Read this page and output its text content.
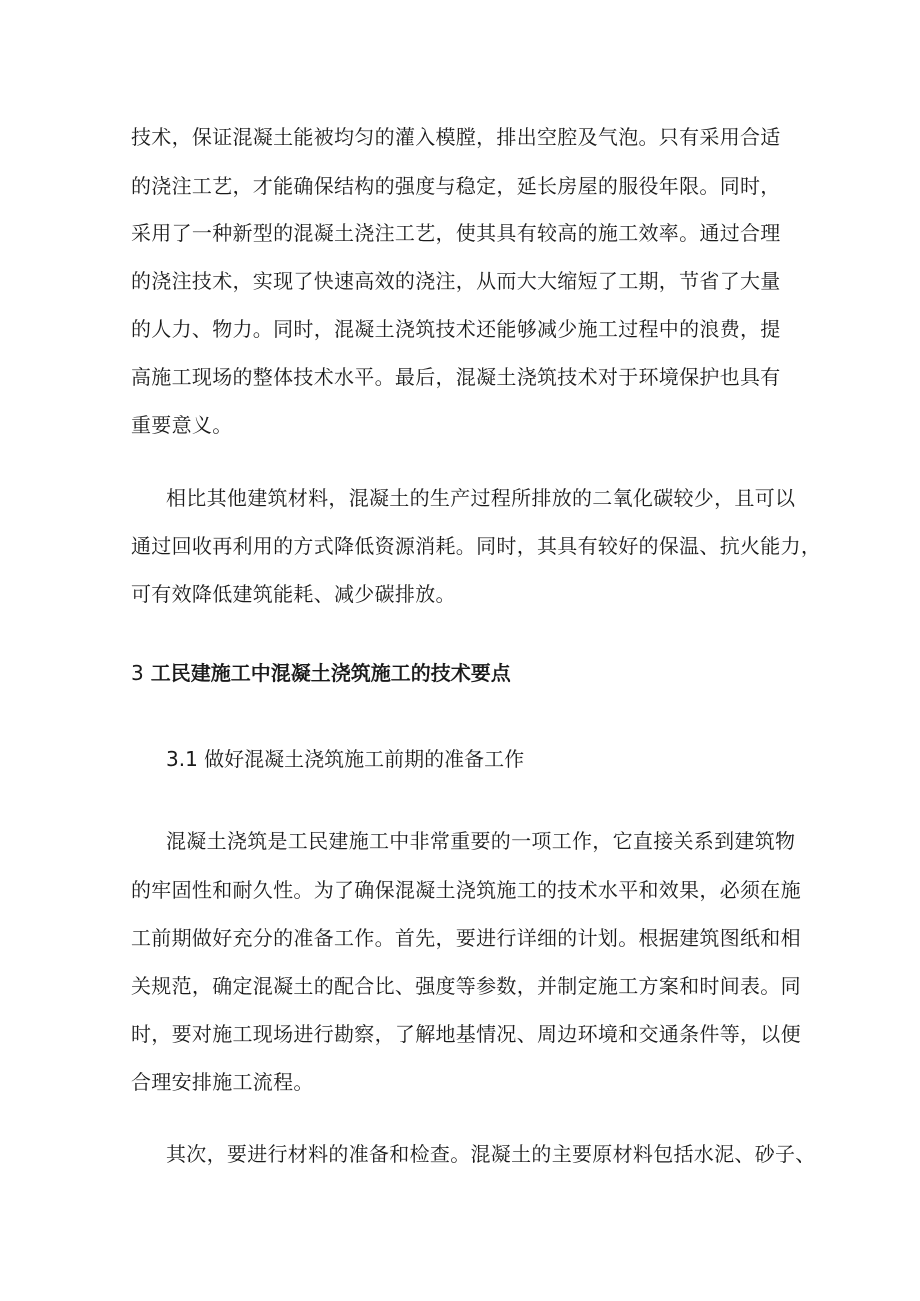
技术，保证混凝土能被均匀的灌入模膛，排出空腔及气泡。只有采用合适
的浇注工艺，才能确保结构的强度与稳定，延长房屋的服役年限。同时，
采用了一种新型的混凝土浇注工艺，使其具有较高的施工效率。通过合理
的浇注技术，实现了快速高效的浇注，从而大大缩短了工期，节省了大量
的人力、物力。同时，混凝土浇筑技术还能够减少施工过程中的浪费，提
高施工现场的整体技术水平。最后，混凝土浇筑技术对于环境保护也具有
重要意义。
相比其他建筑材料，混凝土的生产过程所排放的二氧化碳较少，且可以
通过回收再利用的方式降低资源消耗。同时，其具有较好的保温、抗火能力，
可有效降低建筑能耗、减少碳排放。
3 工民建施工中混凝土浇筑施工的技术要点
3.1 做好混凝土浇筑施工前期的准备工作
混凝土浇筑是工民建施工中非常重要的一项工作，它直接关系到建筑物
的牢固性和耐久性。为了确保混凝土浇筑施工的技术水平和效果，必须在施
工前期做好充分的准备工作。首先，要进行详细的计划。根据建筑图纸和相
关规范，确定混凝土的配合比、强度等参数，并制定施工方案和时间表。同
时，要对施工现场进行勘察，了解地基情况、周边环境和交通条件等，以便
合理安排施工流程。
其次，要进行材料的准备和检查。混凝土的主要原材料包括水泥、砂子、
